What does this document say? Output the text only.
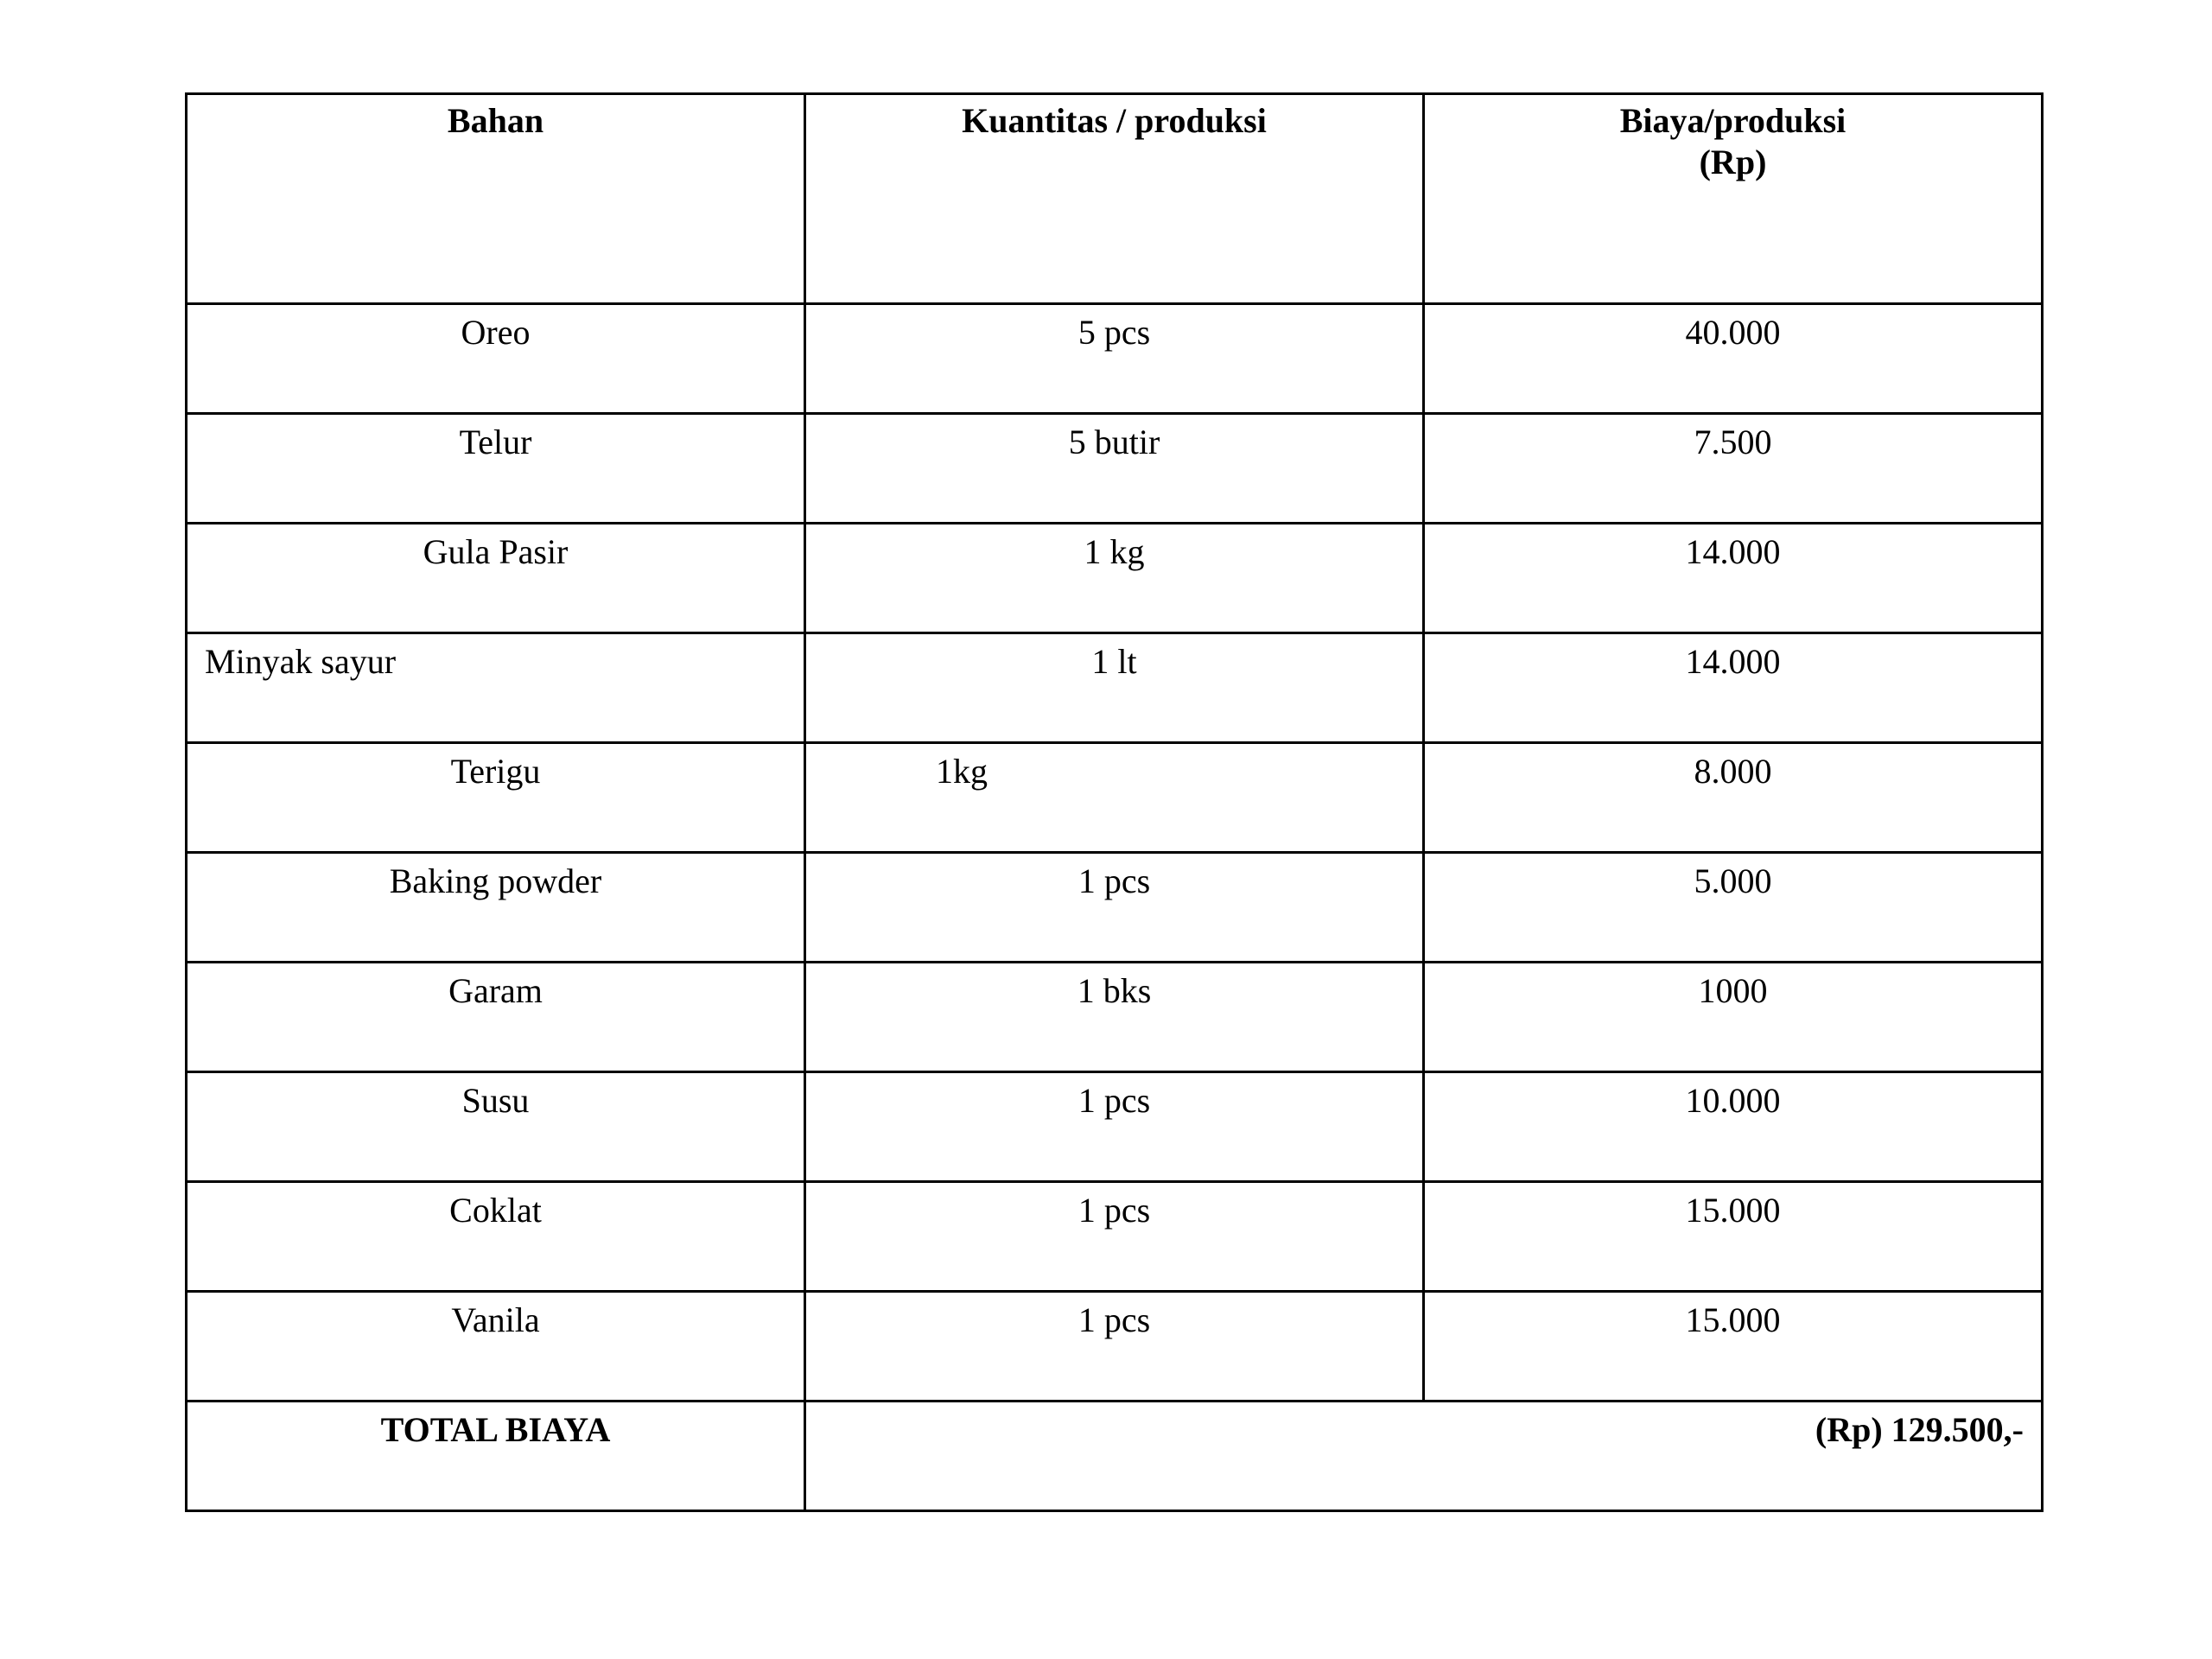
Bahan	Kuantitas / produksi	Biaya/produksi
(Rp)

Oreo	5 pcs	40.000
Telur	5 butir	7.500
Gula Pasir	1 kg	14.000
Minyak sayur	1 lt	14.000
Terigu	1kg	8.000
Baking powder	1 pcs	5.000
Garam	1 bks	1000
Susu	1 pcs	10.000
Coklat	1 pcs	15.000
Vanila	1 pcs	15.000
TOTAL BIAYA	(Rp) 129.500,-	
